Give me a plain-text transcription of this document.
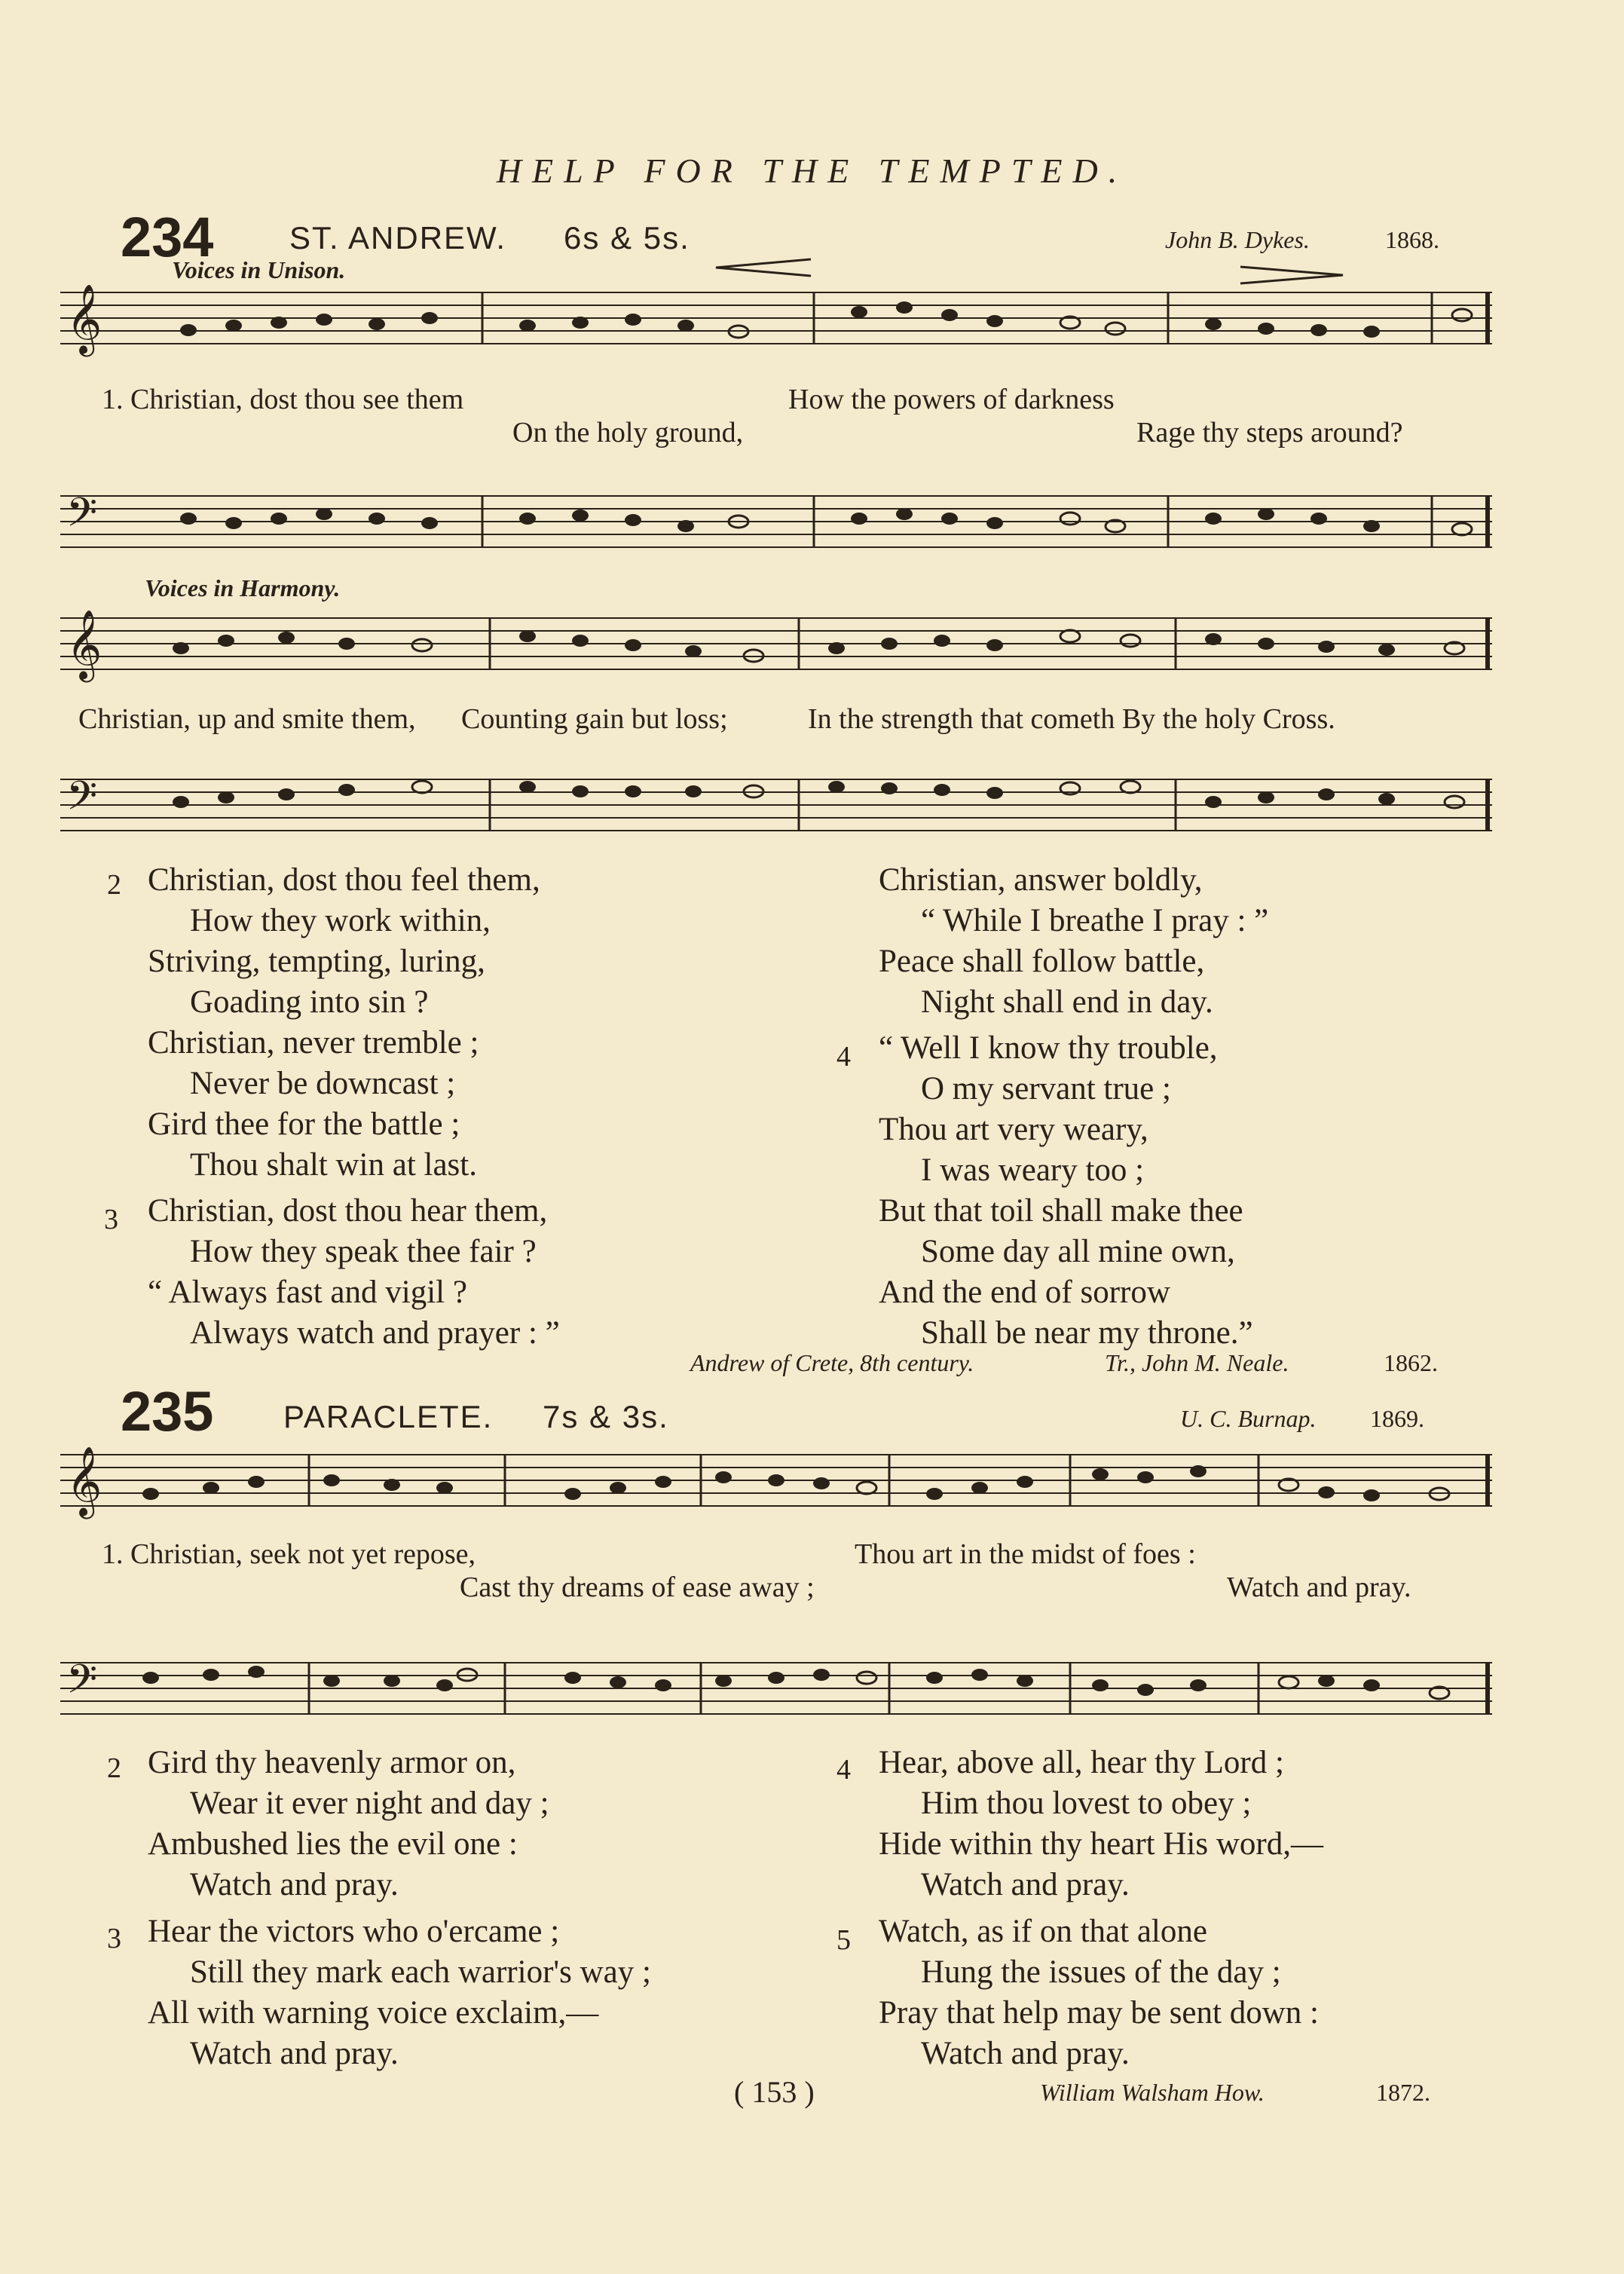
HELP FOR THE TEMPTED.
234 ST. ANDREW. 6s & 5s.	John B. Dykes.	1868.
Voices in Unison.
𝄞
1. Christian, dost thou see them	How the powers of darkness
On the holy ground,	Rage thy steps around?
𝄢
Voices in Harmony.
𝄞
Christian, up and smite them, Counting gain but loss;	In the strength that cometh By the holy Cross.
𝄢
2 Christian, dost thou feel them,
How they work within,
Striving, tempting, luring,
Goading into sin ?
Christian, never tremble ;
Never be downcast ;
Gird thee for the battle ;
Thou shalt win at last.
3 Christian, dost thou hear them,
How they speak thee fair ?
“ Always fast and vigil ?
Always watch and prayer : ”
Christian, answer boldly,
“ While I breathe I pray : ”
Peace shall follow battle,
Night shall end in day.
4 “ Well I know thy trouble,
O my servant true ;
Thou art very weary,
I was weary too ;
But that toil shall make thee
Some day all mine own,
And the end of sorrow
Shall be near my throne.”
Andrew of Crete, 8th century.	Tr., John M. Neale.	1862.
235 PARACLETE. 7s & 3s.	U. C. Burnap. 1869.
𝄞
1. Christian, seek not yet repose,	Thou art in the midst of foes :
Cast thy dreams of ease away ;	Watch and pray.
𝄢
2 Gird thy heavenly armor on,
Wear it ever night and day ;
Ambushed lies the evil one :
Watch and pray.
3 Hear the victors who o'ercame ;
Still they mark each warrior's way ;
All with warning voice exclaim,—
Watch and pray.
4 Hear, above all, hear thy Lord ;
Him thou lovest to obey ;
Hide within thy heart His word,—
Watch and pray.
5 Watch, as if on that alone
Hung the issues of the day ;
Pray that help may be sent down :
Watch and pray.
( 153 )	William Walsham How.	1872.
